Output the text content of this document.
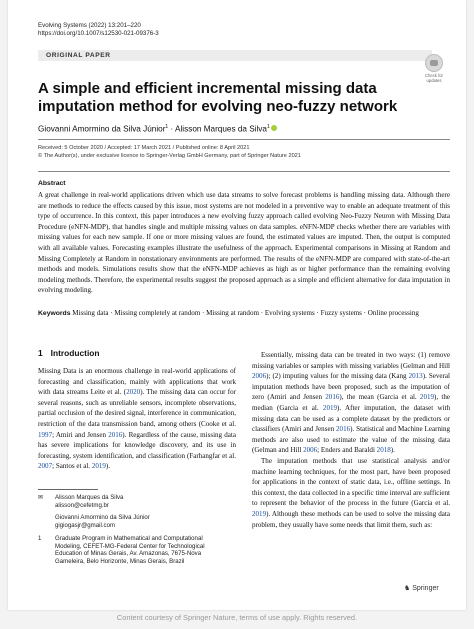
Evolving Systems (2022) 13:201–220
https://doi.org/10.1007/s12530-021-09376-3
ORIGINAL PAPER
Check for updates
A simple and efficient incremental missing data imputation method for evolving neo-fuzzy network
Giovanni Amormino da Silva Júnior$^1$ · Alisson Marques da Silva$^1$
Received: 5 October 2020 / Accepted: 17 March 2021 / Published online: 8 April 2021
© The Author(s), under exclusive licence to Springer-Verlag GmbH Germany, part of Springer Nature 2021
Abstract
A great challenge in real-world applications driven which use data streams to solve forecast problems is handling missing data. Although there are methods to reduce the effects caused by this issue, most systems are not modeled in a preventive way to enable an adequate treatment of this type of occurrence. In this context, this paper introduces a new evolving fuzzy approach called evolving Neo-Fuzzy Neuron with Missing Data Procedure (eNFN-MDP), that handles single and multiple missing values on data samples. eNFN-MDP checks whether there are variables with missing values for each new sample. If one or more missing values are found, the estimated values are imputed. Then, the output is computed with all available values. Forecasting examples illustrate the usefulness of the approach. Experimental comparisons in Missing at Random and Missing Completely at Random in nonstationary environments are performed. The results of the eNFN-MDP are compared with state-of-the-art methods and models. Simulations results show that the eNFN-MDP achieves as high as or higher performance than the remaining evolving modeling methods. Therefore, the experimental results suggest the proposed approach as a simple and efficient alternative for data imputation in evolving modeling.
Keywords Missing data · Missing completely at random · Missing at random · Evolving systems · Fuzzy systems · Online processing
1 Introduction

Missing Data is an enormous challenge in real-world applications of forecasting and classification, mainly with applications that work with data streams Leite et al. (2020). The missing data can occur for several reasons, such as unreliable sensors, incomplete observations, partial occlusion of the desired signal, interference in communication, restriction of the data transmission band, among others (Cooke et al. 1997; Amiri and Jensen 2016). Regardless of the cause, missing data has severe implications for knowledge discovery, and its use in forecasting, system identification, and classification (Farhangfar et al. 2007; Santos et al. 2019).

Essentially, missing data can be treated in two ways: (1) remove missing variables or samples with missing variables (Gelman and Hill 2006); (2) imputing values for the missing data (Kang 2013). Several imputation methods have been proposed, such as the imputation of zero (Amiri and Jensen 2016), the mean (Garcia et al. 2019), the median (Garcia et al. 2019). After imputation, the dataset with missing data can be used as a complete dataset by the predictors or classifiers (Amiri and Jensen 2016). Statistical and Machine Learning methods are also used to estimate the value of the missing data (Gelman and Hill 2006; Enders and Baraldi 2018).

The imputation methods that use statistical analysis and/or machine learning techniques, for the most part, have been proposed for applications in the context of static data, i.e., offline settings. In this context, the data collected in a specific time interval are sufficient to represent the behavior of the process in the future (Garcia et al. 2019). Although these methods can be used to solve the missing data problem, they usually have some needs that limit them, such as:

✉ Alisson Marques da Silva
alisson@cefetmg.br
Giovanni Amormino da Silva Júnior
gigiogasjr@gmail.com
1 Graduate Program in Mathematical and Computational Modeling, CEFET-MG-Federal Center for Technological Education of Minas Gerais, Av. Amazonas, 7675-Nova Gameleira, Belo Horizonte, Minas Gerais, Brazil
♞ Springer
Content courtesy of Springer Nature, terms of use apply. Rights reserved.
